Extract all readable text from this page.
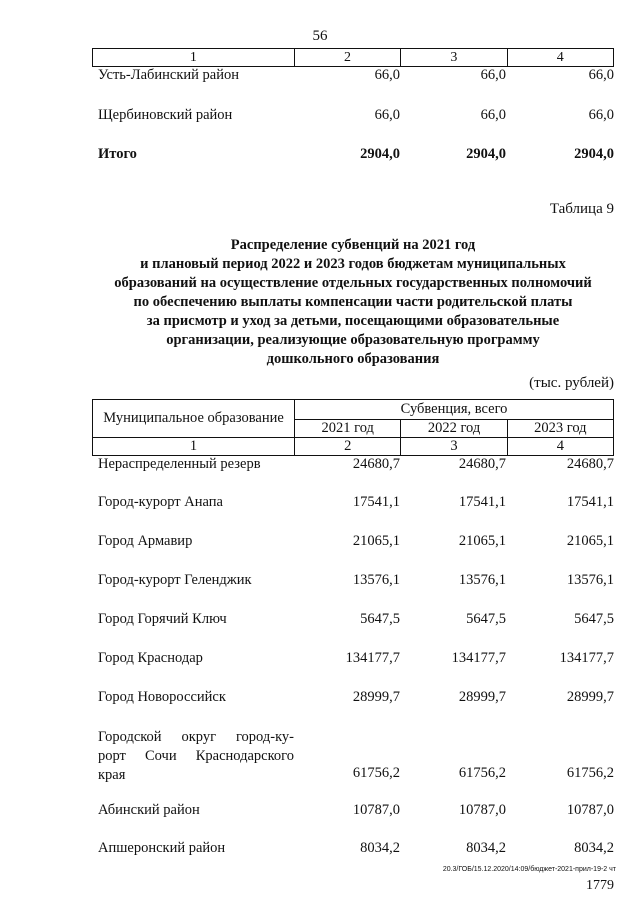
56
1	2	3	4
Усть-Лабинский район	66,0	66,0	66,0
Щербиновский район	66,0	66,0	66,0
Итого	2904,0	2904,0	2904,0
Таблица 9
Распределение субвенций на 2021 год
и плановый период 2022 и 2023 годов бюджетам муниципальных
образований на осуществление отдельных государственных полномочий
по обеспечению выплаты компенсации части родительской платы
за присмотр и уход за детьми, посещающими образовательные
организации, реализующие образовательную программу
дошкольного образования
(тыс. рублей)
Муниципальное образование	Субвенция, всего		
	2021 год	2022 год	2023 год
1	2	3	4
Нераспределенный резерв	24680,7	24680,7	24680,7
Город-курорт Анапа	17541,1	17541,1	17541,1
Город Армавир	21065,1	21065,1	21065,1
Город-курорт Геленджик	13576,1	13576,1	13576,1
Город Горячий Ключ	5647,5	5647,5	5647,5
Город Краснодар	134177,7	134177,7	134177,7
Город Новороссийск	28999,7	28999,7	28999,7
Городской округ город-ку-
рорт Сочи Краснодарского
края	61756,2	61756,2	61756,2
Абинский район	10787,0	10787,0	10787,0
Апшеронский район	8034,2	8034,2	8034,2
20.3/ГОБ/15.12.2020/14:09/бюджет-2021-прил-19-2 чт
1779
